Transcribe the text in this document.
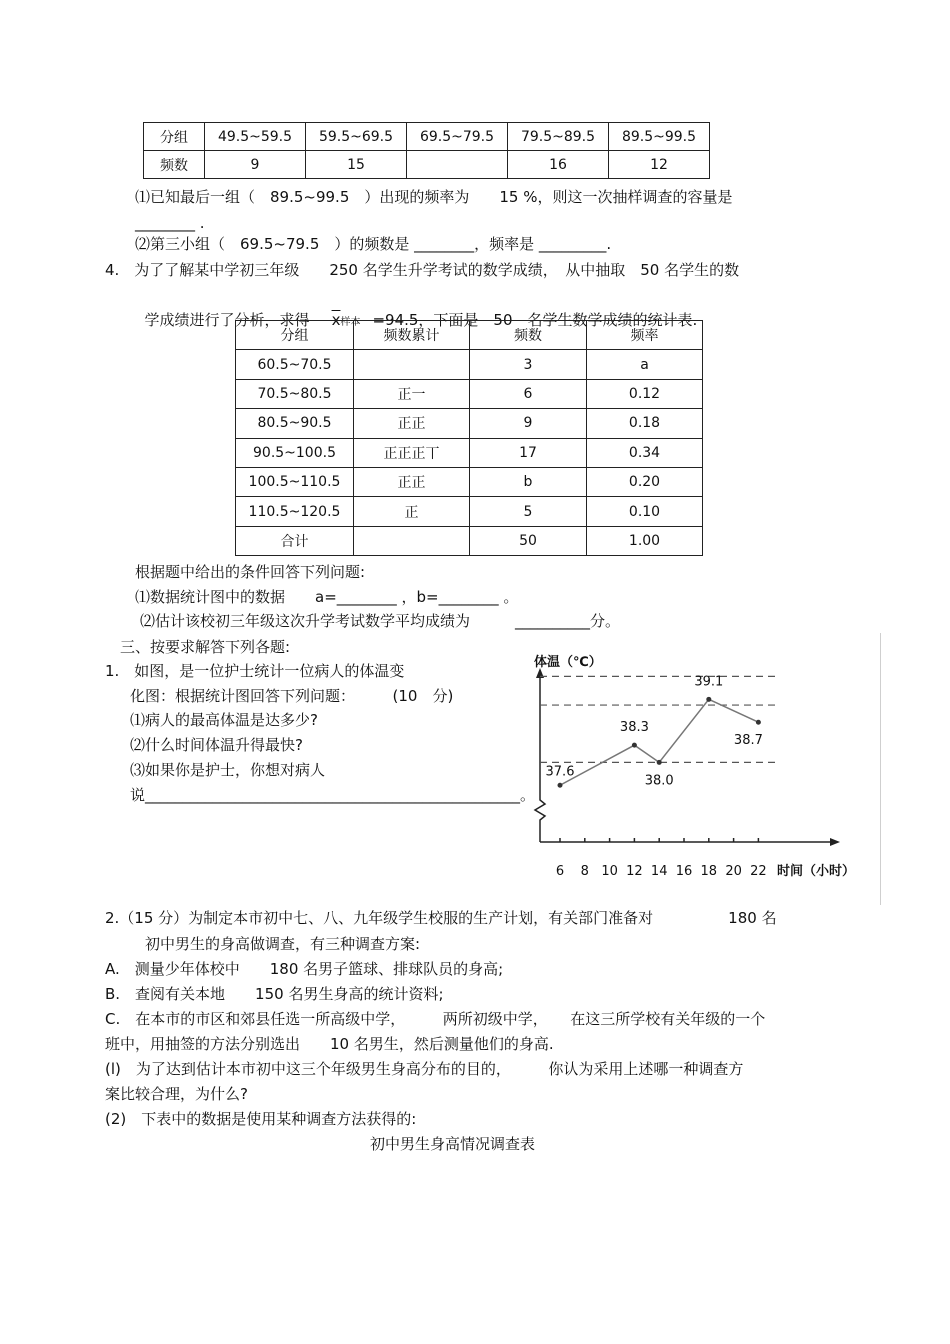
分组	49.5~59.5	59.5~69.5	69.5~79.5	79.5~89.5	89.5~99.5
频数	9	15		16	12
⑴已知最后一组（　89.5~99.5　）出现的频率为　　15 %，则这一次抽样调查的容量是
________ .
⑵第三小组（　69.5~79.5　）的频数是 ________，频率是 _________.
4.　为了了解某中学初三年级　　250 名学生升学考试的数学成绩，　从中抽取　50 名学生的数

学成绩进行了分析，求得 $\overline{x}$样本 =94.5，下面是　50　名学生数学成绩的统计表.

分组	频数累计	频数	频率
60.5~70.5		3	a
70.5~80.5	正一	6	0.12
80.5~90.5	正正	9	0.18
90.5~100.5	正正正丅	17	0.34
100.5~110.5	正正	b	0.20
110.5~120.5	正	5	0.10
合计		50	1.00
根据题中给出的条件回答下列问题:
⑴数据统计图中的数据　　a=________ ，b=________ 。
⑵估计该校初三年级这次升学考试数学平均成绩为　　　__________分。
三、按要求解答下列各题:
1.　如图，是一位护士统计一位病人的体温变
化图：根据统计图回答下列问题：　　　(10　分)
⑴病人的最高体温是达多少?
⑵什么时间体温升得最快?
⑶如果你是护士，你想对病人
说__________________________________________________。
体温（℃）
时间（小时）
6 8 10 12 14 16 18 20 22
37.6
38.3
38.0
39.1
38.7
2.（15 分）为制定本市初中七、八、九年级学生校服的生产计划，有关部门准备对　　　　　180 名
初中男生的身高做调查，有三种调查方案:
A.　测量少年体校中　　180 名男子篮球、排球队员的身高;
B.　查阅有关本地　　150 名男生身高的统计资料;
C.　在本市的市区和郊县任选一所高级中学，　　　两所初级中学，　　在这三所学校有关年级的一个
班中，用抽签的方法分别选出　　10 名男生，然后测量他们的身高.
(l)　为了达到估计本市初中这三个年级男生身高分布的目的，　　　你认为采用上述哪一种调查方
案比较合理，为什么?
(2)　下表中的数据是使用某种调查方法获得的:
初中男生身高情况调查表
